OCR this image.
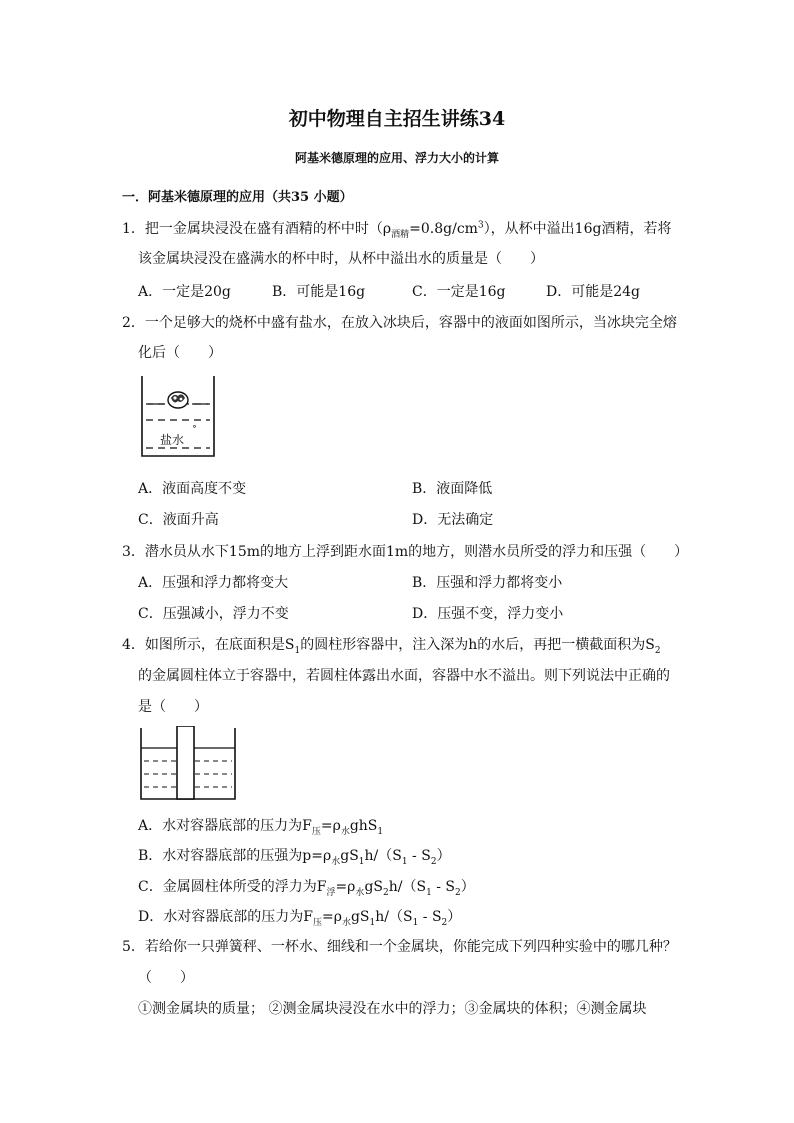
初中物理自主招生讲练34
阿基米德原理的应用、浮力大小的计算
一．阿基米德原理的应用（共35 小题）
1．把一金属块浸没在盛有酒精的杯中时$(\rho_{酒精}=0.8g/cm^3)$，从杯中溢出16g酒精，若将
该金属块浸没在盛满水的杯中时，从杯中溢出水的质量是（　　）
A．一定是20g	B．可能是16g	C．一定是16g	D．可能是24g
2．一个足够大的烧杯中盛有盐水，在放入冰块后，容器中的液面如图所示，当冰块完全熔
化后（　　）
盐水
˚
A．液面高度不变	B．液面降低
C．液面升高	D．无法确定
3．潜水员从水下15m的地方上浮到距水面1m的地方，则潜水员所受的浮力和压强（　　）
A．压强和浮力都将变大	B．压强和浮力都将变小
C．压强减小，浮力不变	D．压强不变，浮力变小
4．如图所示，在底面积是$S_1$的圆柱形容器中，注入深为h的水后，再把一横截面积为$S_2$
的金属圆柱体立于容器中，若圆柱体露出水面，容器中水不溢出。则下列说法中正确的
是（　　）
A．水对容器底部的压力为$F_压=\rho_水ghS_1$
B．水对容器底部的压强为$p=\rho_水gS_1h/(S_1 - S_2)$
C．金属圆柱体所受的浮力为$F_浮=\rho_水gS_2h/(S_1 - S_2)$
D．水对容器底部的压力为$F_压=\rho_水gS_1h/(S_1 - S_2)$
5．若给你一只弹簧秤、一杯水、细线和一个金属块，你能完成下列四种实验中的哪几种？
（　　）
①测金属块的质量； ②测金属块浸没在水中的浮力；③金属块的体积；④测金属块
